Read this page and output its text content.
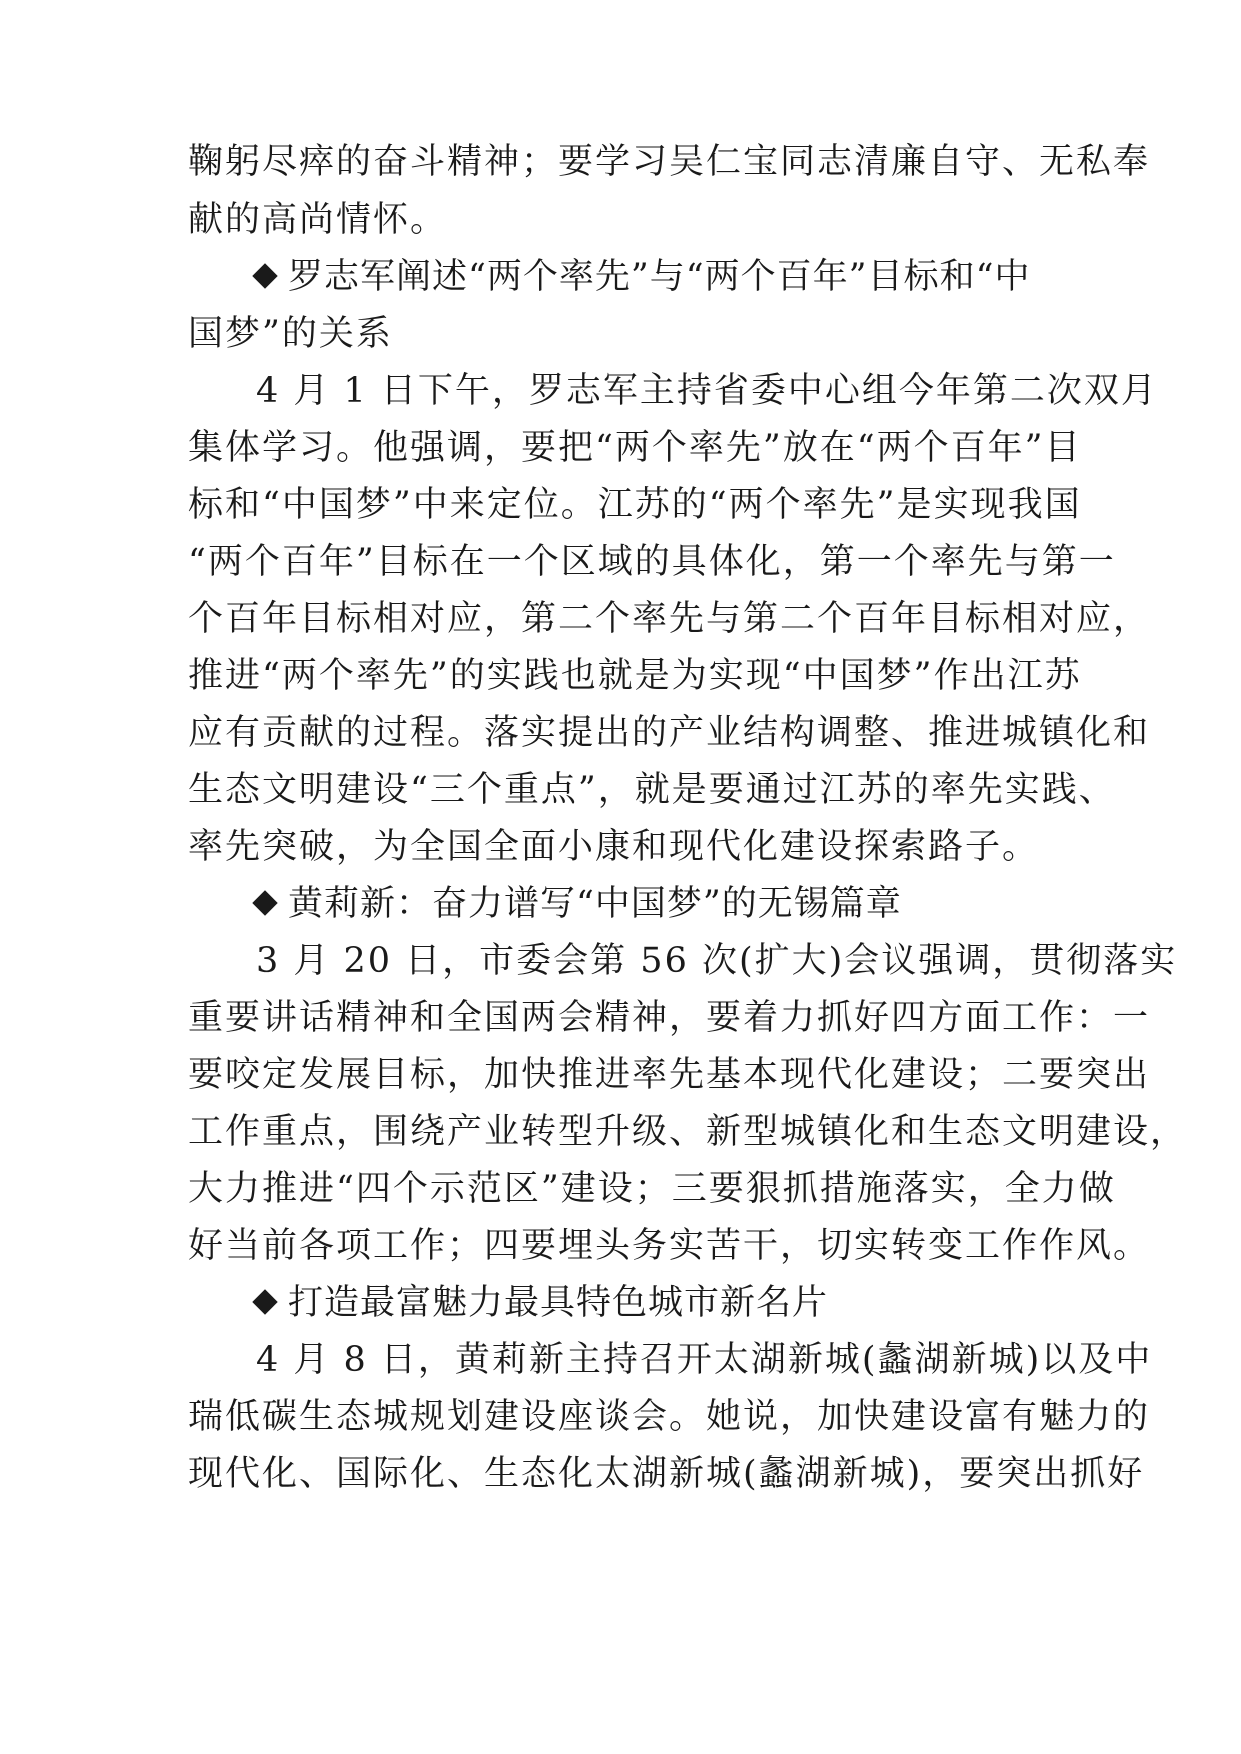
鞠躬尽瘁的奋斗精神；要学习吴仁宝同志清廉自守、无私奉
献的高尚情怀。
罗志军阐述“两个率先”与“两个百年”目标和“中
国梦”的关系
4 月 1 日下午，罗志军主持省委中心组今年第二次双月
集体学习。他强调，要把“两个率先”放在“两个百年”目
标和“中国梦”中来定位。江苏的“两个率先”是实现我国
“两个百年”目标在一个区域的具体化，第一个率先与第一
个百年目标相对应，第二个率先与第二个百年目标相对应，
推进“两个率先”的实践也就是为实现“中国梦”作出江苏
应有贡献的过程。落实提出的产业结构调整、推进城镇化和
生态文明建设“三个重点”，就是要通过江苏的率先实践、
率先突破，为全国全面小康和现代化建设探索路子。
黄莉新：奋力谱写“中国梦”的无锡篇章
3 月 20 日，市委会第 56 次(扩大)会议强调，贯彻落实
重要讲话精神和全国两会精神，要着力抓好四方面工作：一
要咬定发展目标，加快推进率先基本现代化建设；二要突出
工作重点，围绕产业转型升级、新型城镇化和生态文明建设，
大力推进“四个示范区”建设；三要狠抓措施落实，全力做
好当前各项工作；四要埋头务实苦干，切实转变工作作风。
打造最富魅力最具特色城市新名片
4 月 8 日，黄莉新主持召开太湖新城(蠡湖新城)以及中
瑞低碳生态城规划建设座谈会。她说，加快建设富有魅力的
现代化、国际化、生态化太湖新城(蠡湖新城)，要突出抓好
